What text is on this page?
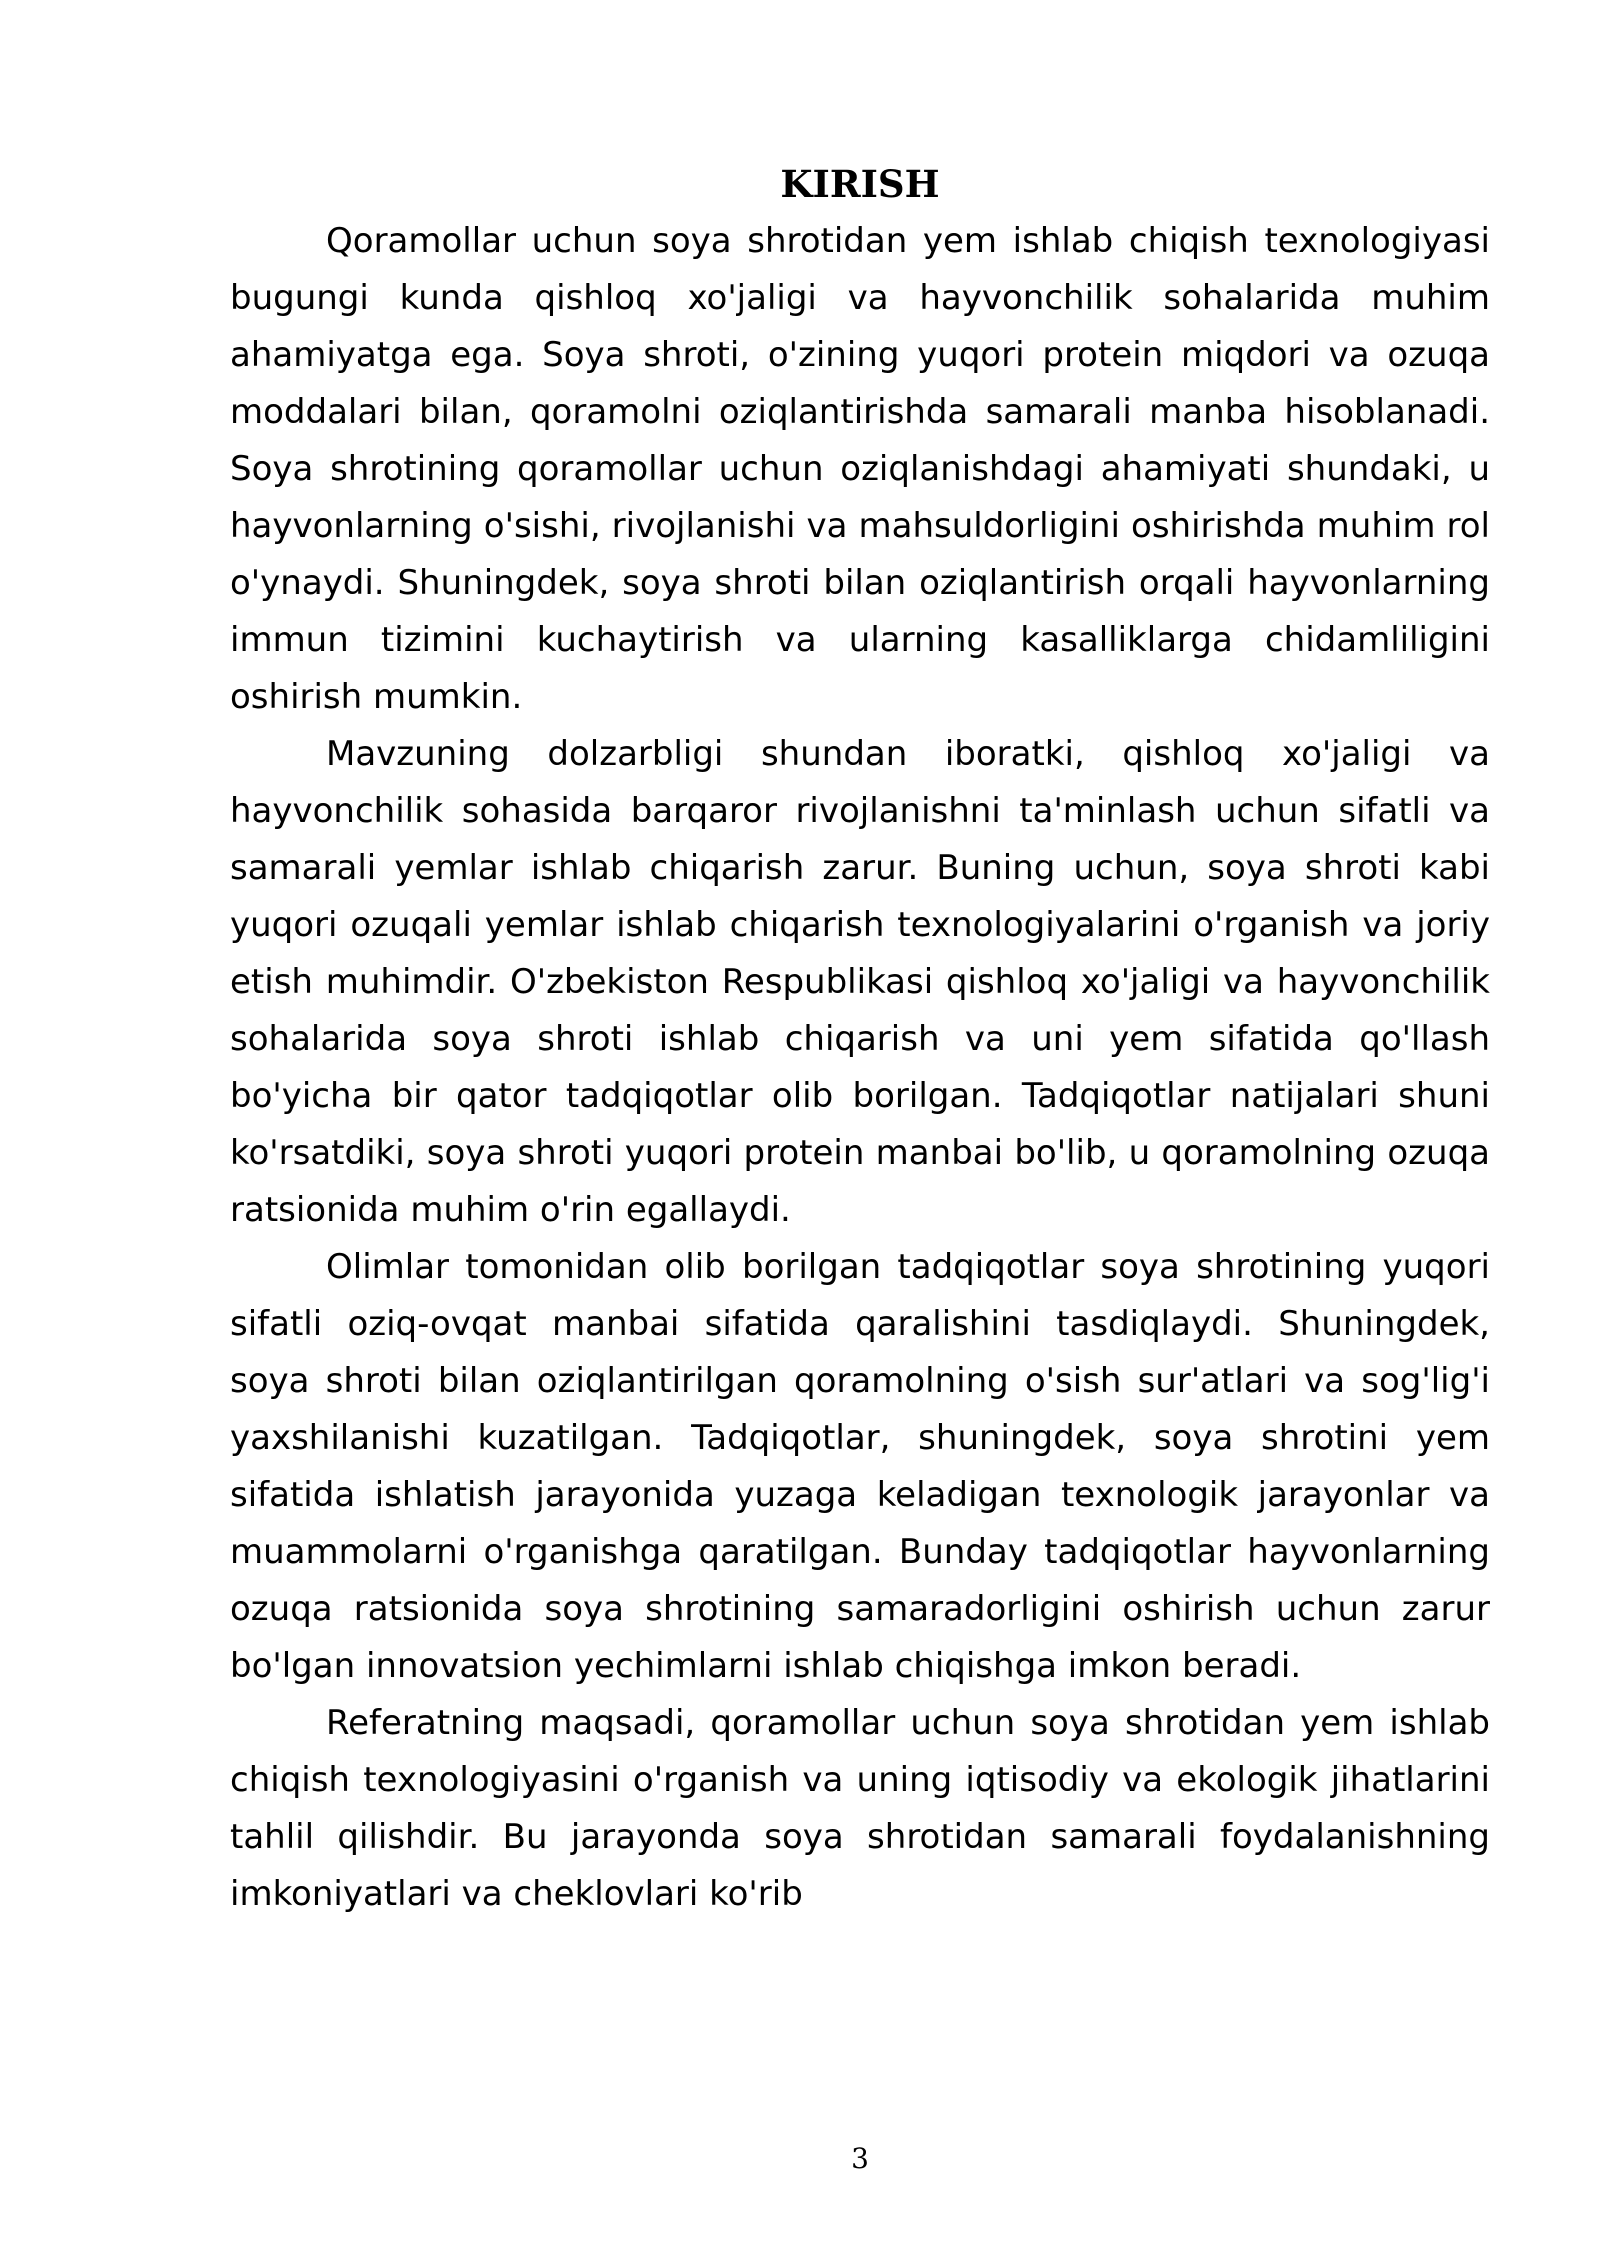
KIRISH

Qoramollar uchun soya shrotidan yem ishlab chiqish texnologiyasi bugungi kunda qishloq xo'jaligi va hayvonchilik sohalarida muhim ahamiyatga ega. Soya shroti, o'zining yuqori protein miqdori va ozuqa moddalari bilan, qoramolni oziqlantirishda samarali manba hisoblanadi. Soya shrotining qoramollar uchun oziqlanishdagi ahamiyati shundaki, u hayvonlarning o'sishi, rivojlanishi va mahsuldorligini oshirishda muhim rol o'ynaydi. Shuningdek, soya shroti bilan oziqlantirish orqali hayvonlarning immun tizimini kuchaytirish va ularning kasalliklarga chidamliligini oshirish mumkin.

Mavzuning dolzarbligi shundan iboratki, qishloq xo'jaligi va hayvonchilik sohasida barqaror rivojlanishni ta'minlash uchun sifatli va samarali yemlar ishlab chiqarish zarur. Buning uchun, soya shroti kabi yuqori ozuqali yemlar ishlab chiqarish texnologiyalarini o'rganish va joriy etish muhimdir. O'zbekiston Respublikasi qishloq xo'jaligi va hayvonchilik sohalarida soya shroti ishlab chiqarish va uni yem sifatida qo'llash bo'yicha bir qator tadqiqotlar olib borilgan. Tadqiqotlar natijalari shuni ko'rsatdiki, soya shroti yuqori protein manbai bo'lib, u qoramolning ozuqa ratsionida muhim o'rin egallaydi.

Olimlar tomonidan olib borilgan tadqiqotlar soya shrotining yuqori sifatli oziq-ovqat manbai sifatida qaralishini tasdiqlaydi. Shuningdek, soya shroti bilan oziqlantirilgan qoramolning o'sish sur'atlari va sog'lig'i yaxshilanishi kuzatilgan. Tadqiqotlar, shuningdek, soya shrotini yem sifatida ishlatish jarayonida yuzaga keladigan texnologik jarayonlar va muammolarni o'rganishga qaratilgan. Bunday tadqiqotlar hayvonlarning ozuqa ratsionida soya shrotining samaradorligini oshirish uchun zarur bo'lgan innovatsion yechimlarni ishlab chiqishga imkon beradi.

Referatning maqsadi, qoramollar uchun soya shrotidan yem ishlab chiqish texnologiyasini o'rganish va uning iqtisodiy va ekologik jihatlarini tahlil qilishdir. Bu jarayonda soya shrotidan samarali foydalanishning imkoniyatlari va cheklovlari ko'rib

3
